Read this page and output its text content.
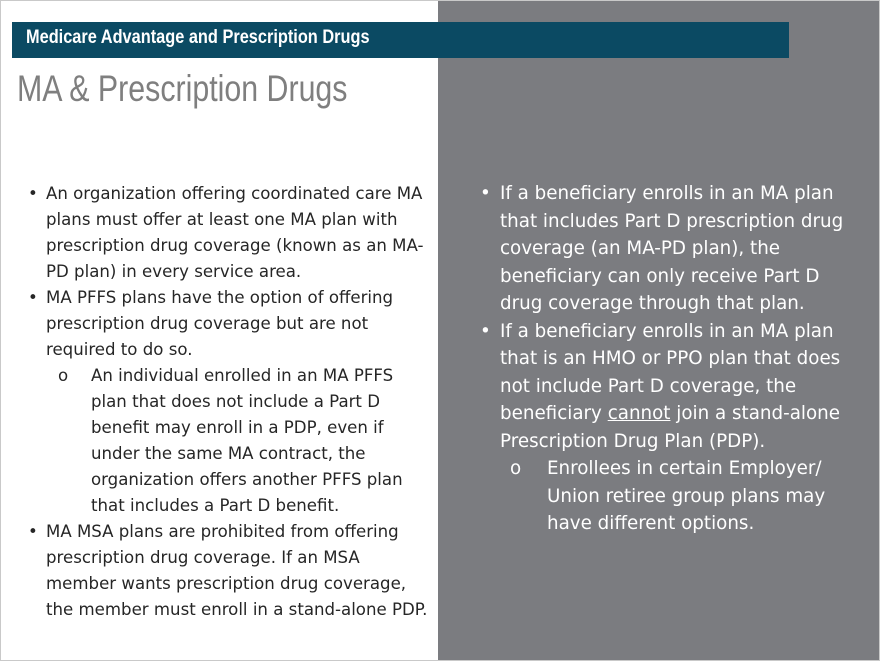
Medicare Advantage and Prescription Drugs
MA & Prescription Drugs
• An organization offering coordinated care MA plans must offer at least one MA plan with prescription drug coverage (known as an MA-PD plan) in every service area.
• MA PFFS plans have the option of offering prescription drug coverage but are not required to do so.
o An individual enrolled in an MA PFFS plan that does not include a Part D benefit may enroll in a PDP, even if under the same MA contract, the organization offers another PFFS plan that includes a Part D benefit.
• MA MSA plans are prohibited from offering prescription drug coverage. If an MSA member wants prescription drug coverage, the member must enroll in a stand-alone PDP.
• If a beneficiary enrolls in an MA plan that includes Part D prescription drug coverage (an MA-PD plan), the beneficiary can only receive Part D drug coverage through that plan.
• If a beneficiary enrolls in an MA plan that is an HMO or PPO plan that does not include Part D coverage, the beneficiary cannot join a stand-alone Prescription Drug Plan (PDP).
o Enrollees in certain Employer/ Union retiree group plans may have different options.
